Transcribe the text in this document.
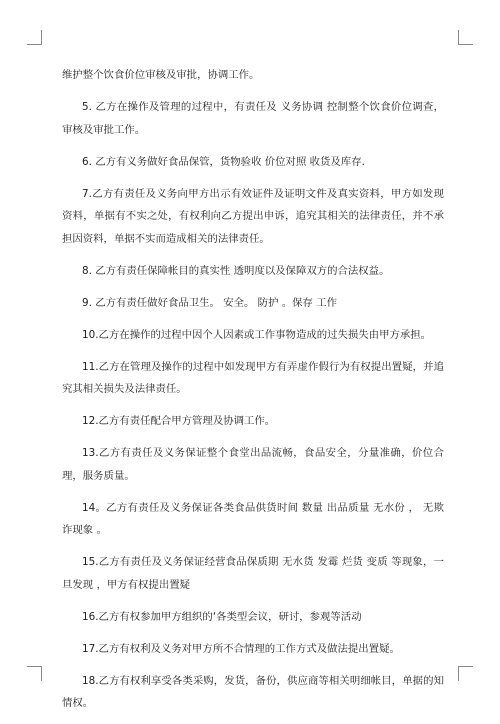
维护整个饮食价位审核及审批，协调工作。

5. 乙方在操作及管理的过程中，有责任及 义务协调 控制整个饮食价位调查，审核及审批工作。

6. 乙方有义务做好食品保管，货物验收 价位对照 收货及库存.

7.乙方有责任及义务向甲方出示有效证件及证明文件及真实资料，甲方如发现资料，单据有不实之处，有权利向乙方提出申诉，追究其相关的法律责任，并不承担因资料，单据不实而造成相关的法律责任。

8. 乙方有责任保障帐目的真实性 透明度以及保障双方的合法权益。

9. 乙方有责任做好食品卫生。 安全。 防护 。保存 工作

10.乙方在操作的过程中因个人因素或工作事物造成的过失损失由甲方承担。

11.乙方在管理及操作的过程中如发现甲方有弄虚作假行为有权提出置疑，并追究其相关损失及法律责任。

12.乙方有责任配合甲方管理及协调工作。

13.乙方有责任及义务保证整个食堂出品流畅，食品安全，分量准确，价位合理，服务质量。

14。乙方有责任及义务保证各类食品供货时间 数量 出品质量 无水份 ， 无欺诈现象 。

15.乙方有责任及义务保证经营食品保质期 无水货 发霉 烂货 变质 等现象，一旦发现 ，甲方有权提出置疑

16.乙方有权参加甲方组织的‘各类型会议，研讨，参观等活动

17.乙方有权利及义务对甲方所不合情理的工作方式及做法提出置疑。

18.乙方有权利享受各类采购，发货，备份，供应商等相关明细帐目，单据的知情权。
